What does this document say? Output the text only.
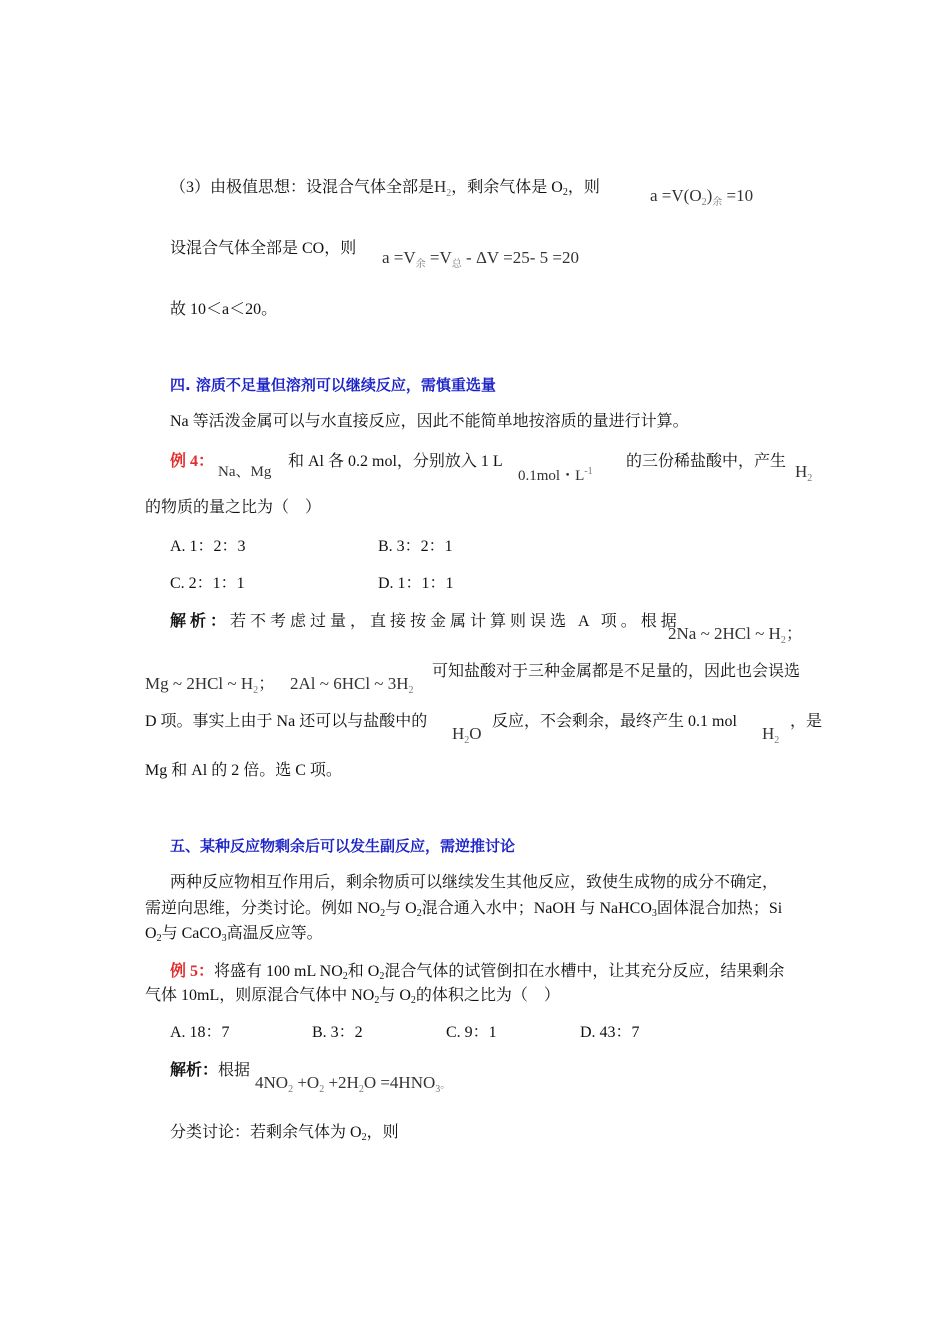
（3）由极值思想：设混合气体全部是$H_2$，剩余气体是 $O_2$，则	$a =V(O_2)_余 =10$
设混合气体全部是 CO，则 $a =V_余 =V_总 - \Delta V =25-$ 5 =20
故 10＜a＜20。
四. 溶质不足量但溶剂可以继续反应，需慎重选量
Na 等活泼金属可以与水直接反应，因此不能简单地按溶质的量进行计算。
例 4：
Na、Mg
和 Al 各 0.2 mol，分别放入 1 L
0.1mol・$L^{-1}$
的三份稀盐酸中，产生
$H_2$
的物质的量之比为（　）
A. 1：2：3	B. 3：2：1
C. 2：1：1	D. 1：1：1
解析：若不考虑过量，直接按金属计算则误选 A 项。根据
2Na ~ 2HCl ~ $H_2$；
Mg ~ 2HCl ~ $H_2$； 2Al ~ 6HCl ~ $3H_2$
可知盐酸对于三种金属都是不足量的，因此也会误选
D 项。事实上由于 Na 还可以与盐酸中的
$H_2O$
反应，不会剩余，最终产生 0.1 mol
$H_2$
，是
Mg 和 Al 的 2 倍。选 C 项。
五、某种反应物剩余后可以发生副反应，需逆推讨论
两种反应物相互作用后，剩余物质可以继续发生其他反应，致使生成物的成分不确定，
需逆向思维，分类讨论。例如 $NO_2$与 $O_2$混合通入水中；NaOH 与 NaHCO$_3$固体混合加热；Si
$O_2$与 CaCO$_3$高温反应等。
例 5：将盛有 100 mL $NO_2$和 $O_2$混合气体的试管倒扣在水槽中，让其充分反应，结果剩余
气体 10mL，则原混合气体中 $NO_2$与 $O_2$的体积之比为（　）
A. 18：7	B. 3：2	C. 9：1	D. 43：7
解析：根据
$4NO_2 +O_2 +2H_2O =4HNO_3$。
分类讨论：若剩余气体为 $O_2$，则
